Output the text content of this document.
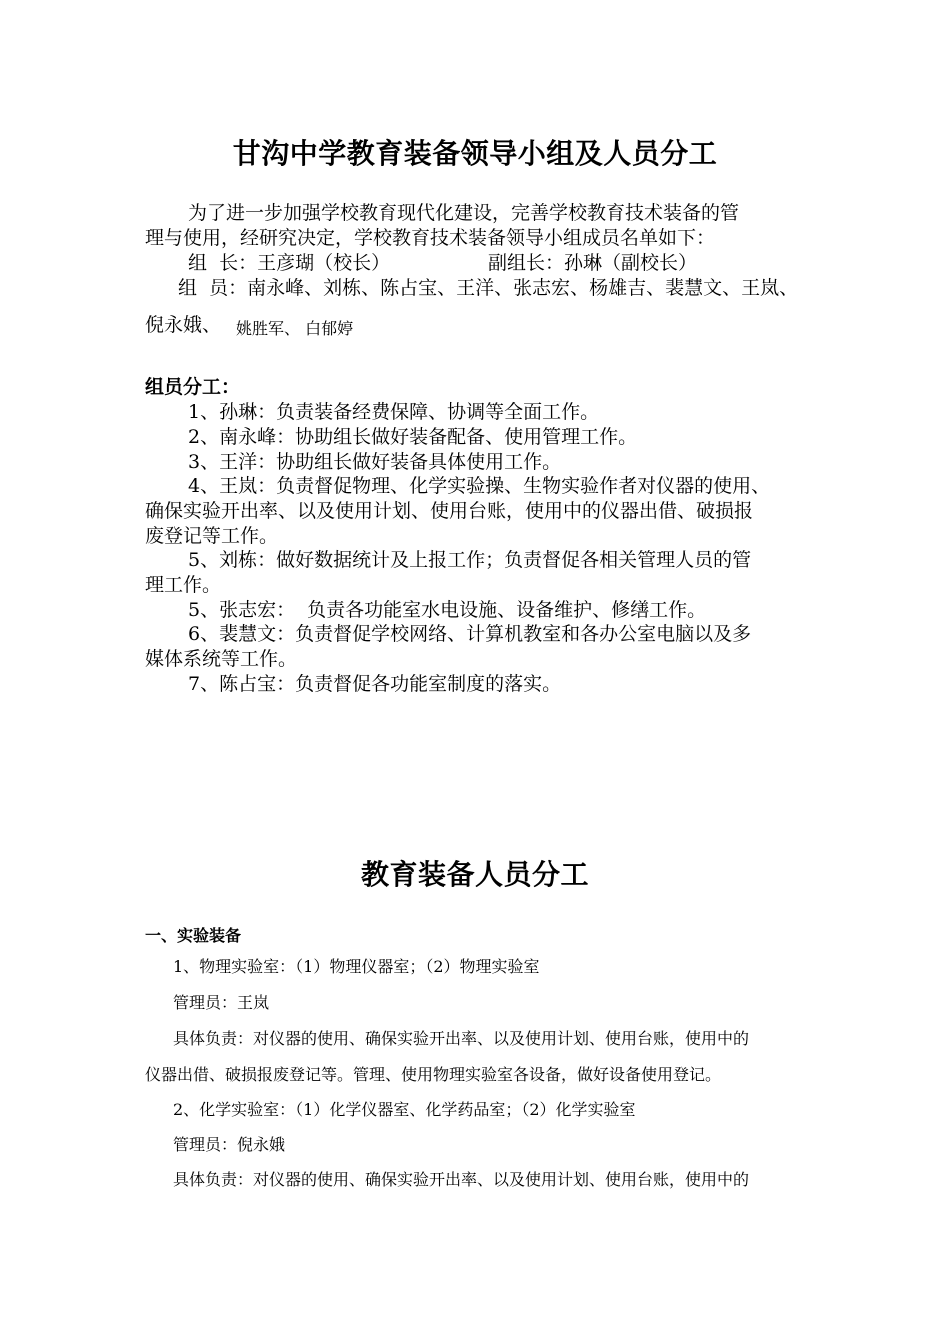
甘沟中学教育装备领导小组及人员分工
为了进一步加强学校教育现代化建设，完善学校教育技术装备的管
理与使用，经研究决定，学校教育技术装备领导小组成员名单如下：
组  长：王彦瑚（校长）	副组长：孙琳（副校长）
组  员：南永峰、刘栋、陈占宝、王洋、张志宏、杨雄吉、裴慧文、王岚、
倪永娥、 姚胜军、 白郁婷
组员分工：
1、孙琳：负责装备经费保障、协调等全面工作。
2、南永峰：协助组长做好装备配备、使用管理工作。
3、王洋：协助组长做好装备具体使用工作。
4、王岚：负责督促物理、化学实验操、生物实验作者对仪器的使用、
确保实验开出率、以及使用计划、使用台账，使用中的仪器出借、破损报
废登记等工作。
5、刘栋：做好数据统计及上报工作；负责督促各相关管理人员的管
理工作。
5、张志宏：  负责各功能室水电设施、设备维护、修缮工作。
6、裴慧文：负责督促学校网络、计算机教室和各办公室电脑以及多
媒体系统等工作。
7、陈占宝：负责督促各功能室制度的落实。
教育装备人员分工
一、实验装备
1、物理实验室：（1）物理仪器室；（2）物理实验室
管理员：王岚
具体负责：对仪器的使用、确保实验开出率、以及使用计划、使用台账，使用中的
仪器出借、破损报废登记等。管理、使用物理实验室各设备，做好设备使用登记。
2、化学实验室：（1）化学仪器室、化学药品室；（2）化学实验室
管理员：倪永娥
具体负责：对仪器的使用、确保实验开出率、以及使用计划、使用台账，使用中的
